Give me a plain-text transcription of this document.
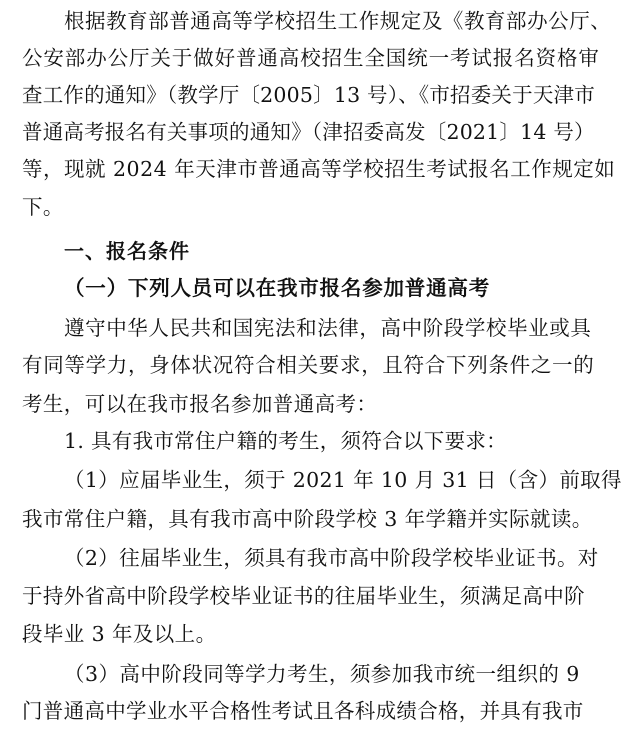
根据教育部普通高等学校招生工作规定及《教育部办公厅、
公安部办公厅关于做好普通高校招生全国统一考试报名资格审
查工作的通知》（教学厅〔2005〕13 号）、《市招委关于天津市
普通高考报名有关事项的通知》（津招委高发〔2021〕14 号）
等，现就 2024 年天津市普通高等学校招生考试报名工作规定如
下。
一、报名条件
（一）下列人员可以在我市报名参加普通高考
遵守中华人民共和国宪法和法律，高中阶段学校毕业或具
有同等学力，身体状况符合相关要求，且符合下列条件之一的
考生，可以在我市报名参加普通高考：
1. 具有我市常住户籍的考生，须符合以下要求：
（1）应届毕业生，须于 2021 年 10 月 31 日（含）前取得
我市常住户籍，具有我市高中阶段学校 3 年学籍并实际就读。
（2）往届毕业生，须具有我市高中阶段学校毕业证书。对
于持外省高中阶段学校毕业证书的往届毕业生，须满足高中阶
段毕业 3 年及以上。
（3）高中阶段同等学力考生，须参加我市统一组织的 9
门普通高中学业水平合格性考试且各科成绩合格，并具有我市
